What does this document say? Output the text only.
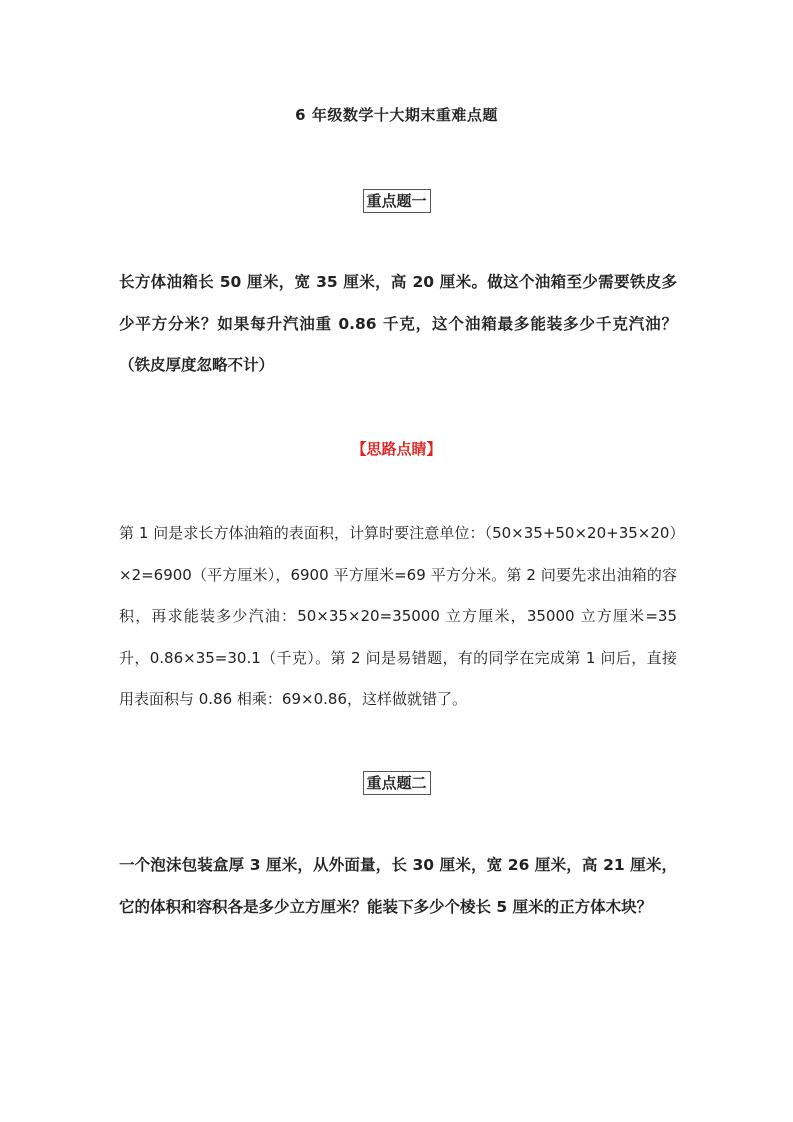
6 年级数学十大期末重难点题
重点题一
长方体油箱长 50 厘米，宽 35 厘米，高 20 厘米。做这个油箱至少需要铁皮多少平方分米？如果每升汽油重 0.86 千克，这个油箱最多能装多少千克汽油？（铁皮厚度忽略不计）
【思路点睛】
第 1 问是求长方体油箱的表面积，计算时要注意单位：（50×35+50×20+35×20）×2=6900（平方厘米），6900 平方厘米=69 平方分米。第 2 问要先求出油箱的容积，再求能装多少汽油：50×35×20=35000 立方厘米，35000 立方厘米=35 升，0.86×35=30.1（千克）。第 2 问是易错题，有的同学在完成第 1 问后，直接用表面积与 0.86 相乘：69×0.86，这样做就错了。
重点题二
一个泡沫包装盒厚 3 厘米，从外面量，长 30 厘米，宽 26 厘米，高 21 厘米，它的体积和容积各是多少立方厘米？能装下多少个棱长 5 厘米的正方体木块？
